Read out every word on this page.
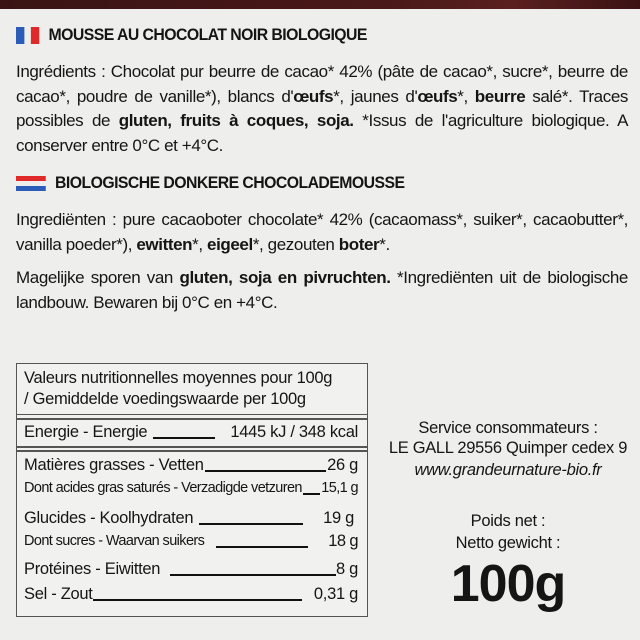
MOUSSE AU CHOCOLAT NOIR BIOLOGIQUE
Ingrédients : Chocolat pur beurre de cacao* 42% (pâte de cacao*, sucre*, beurre de cacao*, poudre de vanille*), blancs d'œufs*, jaunes d'œufs*, beurre salé*. Traces possibles de gluten, fruits à coques, soja. *Issus de l'agriculture biologique. A conserver entre 0°C et +4°C.
BIOLOGISCHE DONKERE CHOCOLADEMOUSSE
Ingrediënten : pure cacaoboter chocolate* 42% (cacaomass*, suiker*, cacaobutter*, vanilla poeder*), ewitten*, eigeel*, gezouten boter*.
Magelijke sporen van gluten, soja en pivruchten. *Ingrediënten uit de biologische landbouw. Bewaren bij 0°C en +4°C.
Valeurs nutritionnelles moyennes pour 100g
/ Gemiddelde voedingswaarde per 100g
Energie - Energie	1445 kJ / 348 kcal
Matières grasses - Vetten	26 g
Dont acides gras saturés - Verzadigde vetzuren 15,1 g
Glucides - Koolhydraten	19 g
Dont sucres - Waarvan suikers	18 g
Protéines - Eiwitten	8 g
Sel - Zout	0,31 g
Service consommateurs :
LE GALL 29556 Quimper cedex 9
www.grandeurnature-bio.fr
Poids net :
Netto gewicht :
100g
